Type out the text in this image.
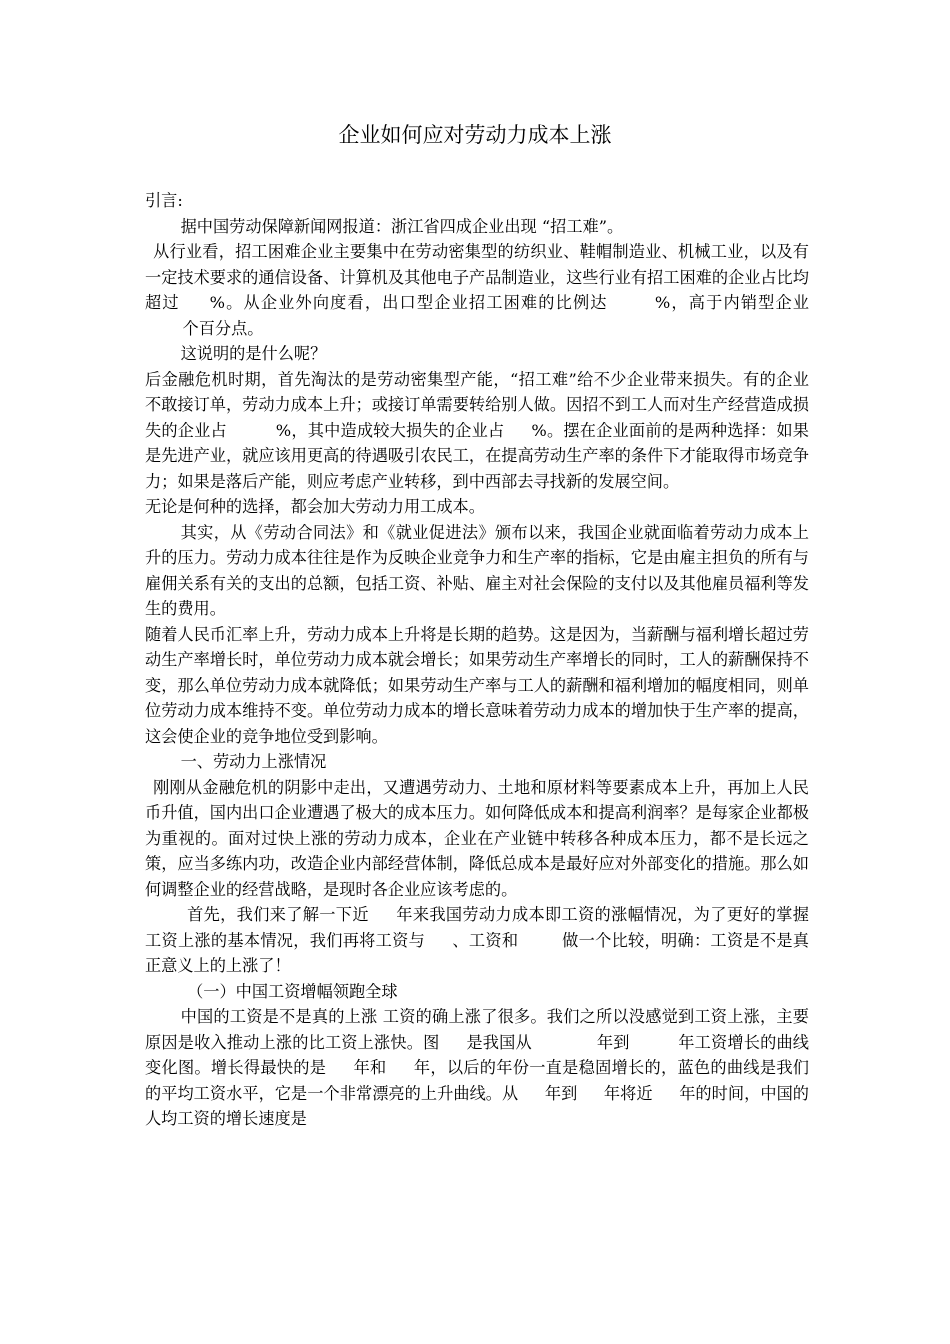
企业如何应对劳动力成本上涨

引言:

据中国劳动保障新闻网报道：浙江省四成企业出现 “招工难”。

从行业看，招工困难企业主要集中在劳动密集型的纺织业、鞋帽制造业、机械工业，以及有一定技术要求的通信设备、计算机及其他电子产品制造业，这些行业有招工困难的企业占比均超过 　 %。从企业外向度看，出口型企业招工困难的比例达 　 　%，高于内销型企业 　 　个百分点。

这说明的是什么呢？

后金融危机时期，首先淘汰的是劳动密集型产能，“招工难”给不少企业带来损失。有的企业不敢接订单，劳动力成本上升；或接订单需要转给别人做。因招不到工人而对生产经营造成损失的企业占 　 　 %，其中造成较大损失的企业占 　 %。摆在企业面前的是两种选择：如果是先进产业，就应该用更高的待遇吸引农民工，在提高劳动生产率的条件下才能取得市场竞争力；如果是落后产能，则应考虑产业转移，到中西部去寻找新的发展空间。

无论是何种的选择，都会加大劳动力用工成本。

其实，从《劳动合同法》和《就业促进法》颁布以来，我国企业就面临着劳动力成本上升的压力。劳动力成本往往是作为反映企业竞争力和生产率的指标，它是由雇主担负的所有与雇佣关系有关的支出的总额，包括工资、补贴、雇主对社会保险的支付以及其他雇员福利等发生的费用。

随着人民币汇率上升，劳动力成本上升将是长期的趋势。这是因为，当薪酬与福利增长超过劳动生产率增长时，单位劳动力成本就会增长；如果劳动生产率增长的同时，工人的薪酬保持不变，那么单位劳动力成本就降低；如果劳动生产率与工人的薪酬和福利增加的幅度相同，则单位劳动力成本维持不变。单位劳动力成本的增长意味着劳动力成本的增加快于生产率的提高，这会使企业的竞争地位受到影响。

一、劳动力上涨情况

刚刚从金融危机的阴影中走出，又遭遇劳动力、土地和原材料等要素成本上升，再加上人民币升值，国内出口企业遭遇了极大的成本压力。如何降低成本和提高利润率？是每家企业都极为重视的。面对过快上涨的劳动力成本，企业在产业链中转移各种成本压力，都不是长远之策，应当多练内功，改造企业内部经营体制，降低总成本是最好应对外部变化的措施。那么如何调整企业的经营战略，是现时各企业应该考虑的。

首先，我们来了解一下近 　 年来我国劳动力成本即工资的涨幅情况，为了更好的掌握工资上涨的基本情况，我们再将工资与 　 、工资和 　 　做一个比较，明确：工资是不是真正意义上的上涨了！

（一）中国工资增幅领跑全球

中国的工资是不是真的上涨 工资的确上涨了很多。我们之所以没感觉到工资上涨，主要原因是收入推动上涨的比工资上涨快。图 　 是我国从 　 　 　年到 　 　 年工资增长的曲线变化图。增长得最快的是 　 年和 　 年，以后的年份一直是稳固增长的，蓝色的曲线是我们的平均工资水平，它是一个非常漂亮的上升曲线。从 　 年到 　 年将近 　 年的时间，中国的人均工资的增长速度是
